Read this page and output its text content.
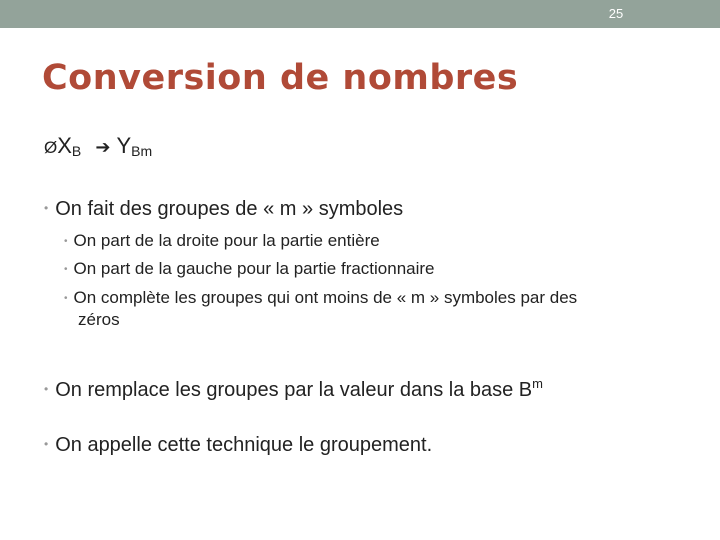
25
Conversion de nombres
$ØX_B$ ➔ $Y_{Bm}$
• On fait des groupes de « m » symboles
• On part de la droite pour la partie entière
• On part de la gauche pour la partie fractionnaire
• On complète les groupes qui ont moins de « m » symboles par des
zéros
• On remplace les groupes par la valeur dans la base $B^m$
• On appelle cette technique le groupement.
